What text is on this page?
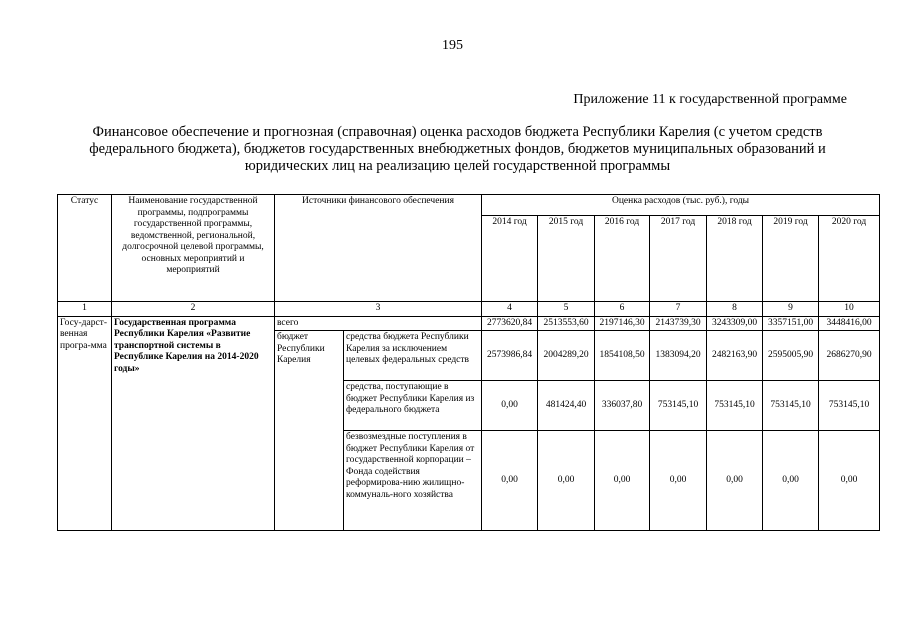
195
Приложение 11 к государственной программе
Финансовое обеспечение и прогнозная (справочная) оценка расходов бюджета Республики Карелия (с учетом средств федерального бюджета), бюджетов государственных внебюджетных фондов, бюджетов муниципальных образований и юридических лиц на реализацию целей государственной программы
Статус	Наименование государственной программы, подпрограммы государственной программы, ведомственной, региональной, долгосрочной целевой программы, основных мероприятий и мероприятий	Источники финансового обеспечения		Оценка расходов (тыс. руб.), годы						
				2014 год	2015 год	2016 год	2017 год	2018 год	2019 год	2020 год
1	2	3		4	5	6	7	8	9	10
Госу-дарст-венная програ-мма	Государственная программа Республики Карелия «Развитие транспортной системы в Республике Карелия на 2014-2020 годы»	всего		2773620,84	2513553,60	2197146,30	2143739,30	3243309,00	3357151,00	3448416,00
		бюджет Республики Карелия	средства бюджета Республики Карелия за исключением целевых федеральных средств	2573986,84	2004289,20	1854108,50	1383094,20	2482163,90	2595005,90	2686270,90
			средства, поступающие в бюджет Республики Карелия из федерального бюджета	0,00	481424,40	336037,80	753145,10	753145,10	753145,10	753145,10
			безвозмездные поступления в бюджет Республики Карелия от государственной корпорации – Фонда содействия реформирова-нию жилищно-коммуналь-ного хозяйства	0,00	0,00	0,00	0,00	0,00	0,00	0,00
